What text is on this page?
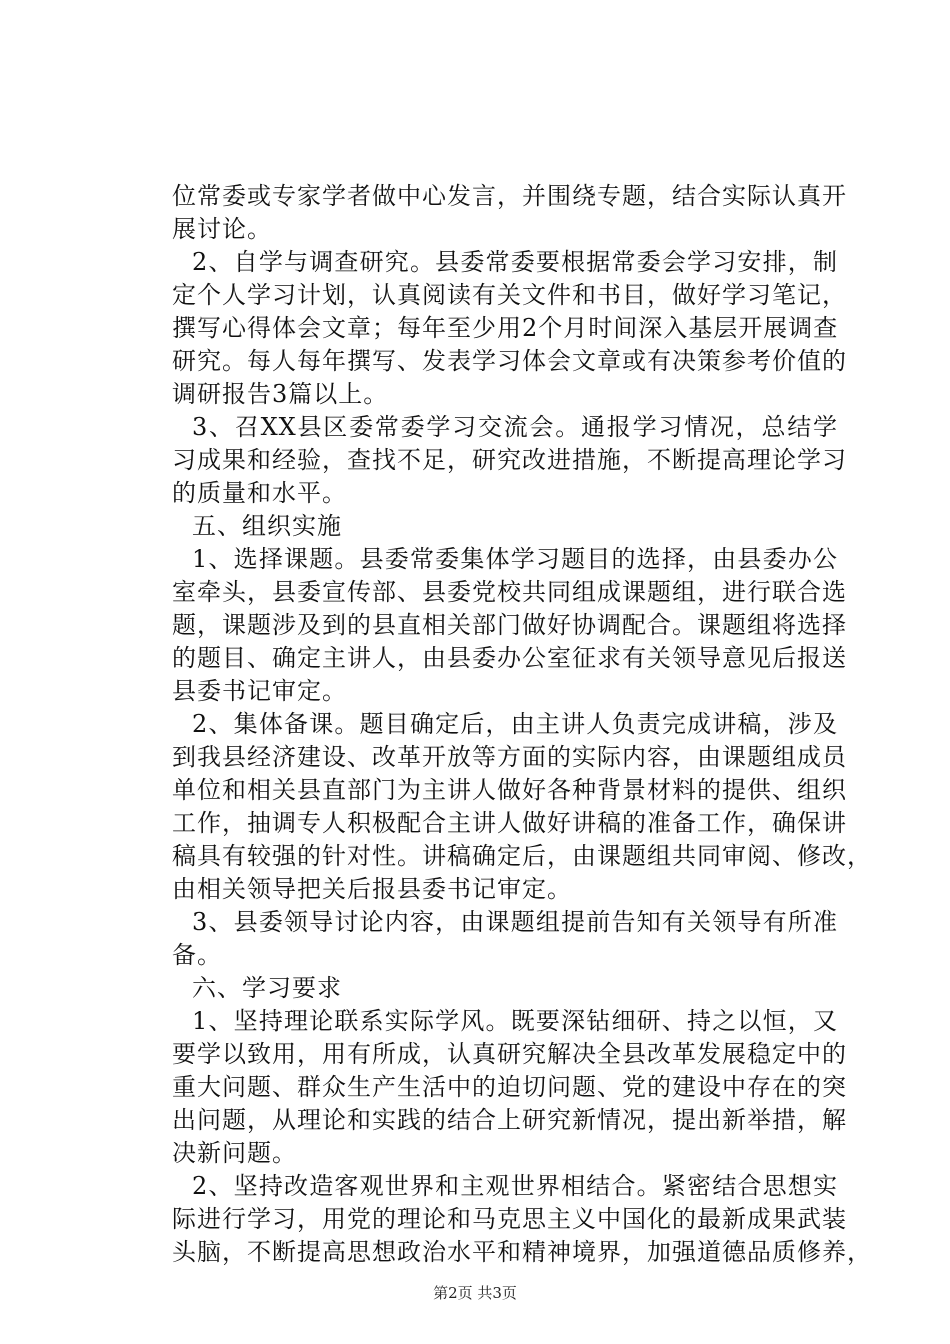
位常委或专家学者做中心发言，并围绕专题，结合实际认真开
展讨论。
2、自学与调查研究。县委常委要根据常委会学习安排，制
定个人学习计划，认真阅读有关文件和书目，做好学习笔记，
撰写心得体会文章；每年至少用2个月时间深入基层开展调查
研究。每人每年撰写、发表学习体会文章或有决策参考价值的
调研报告3篇以上。
3、召XX县区委常委学习交流会。通报学习情况，总结学
习成果和经验，查找不足，研究改进措施，不断提高理论学习
的质量和水平。
五、组织实施
1、选择课题。县委常委集体学习题目的选择，由县委办公
室牵头，县委宣传部、县委党校共同组成课题组，进行联合选
题，课题涉及到的县直相关部门做好协调配合。课题组将选择
的题目、确定主讲人，由县委办公室征求有关领导意见后报送
县委书记审定。
2、集体备课。题目确定后，由主讲人负责完成讲稿，涉及
到我县经济建设、改革开放等方面的实际内容，由课题组成员
单位和相关县直部门为主讲人做好各种背景材料的提供、组织
工作，抽调专人积极配合主讲人做好讲稿的准备工作，确保讲
稿具有较强的针对性。讲稿确定后，由课题组共同审阅、修改，
由相关领导把关后报县委书记审定。
3、县委领导讨论内容，由课题组提前告知有关领导有所准
备。
六、学习要求
1、坚持理论联系实际学风。既要深钻细研、持之以恒，又
要学以致用，用有所成，认真研究解决全县改革发展稳定中的
重大问题、群众生产生活中的迫切问题、党的建设中存在的突
出问题，从理论和实践的结合上研究新情况，提出新举措，解
决新问题。
2、坚持改造客观世界和主观世界相结合。紧密结合思想实
际进行学习，用党的理论和马克思主义中国化的最新成果武装
头脑，不断提高思想政治水平和精神境界，加强道德品质修养，
第2页 共3页
